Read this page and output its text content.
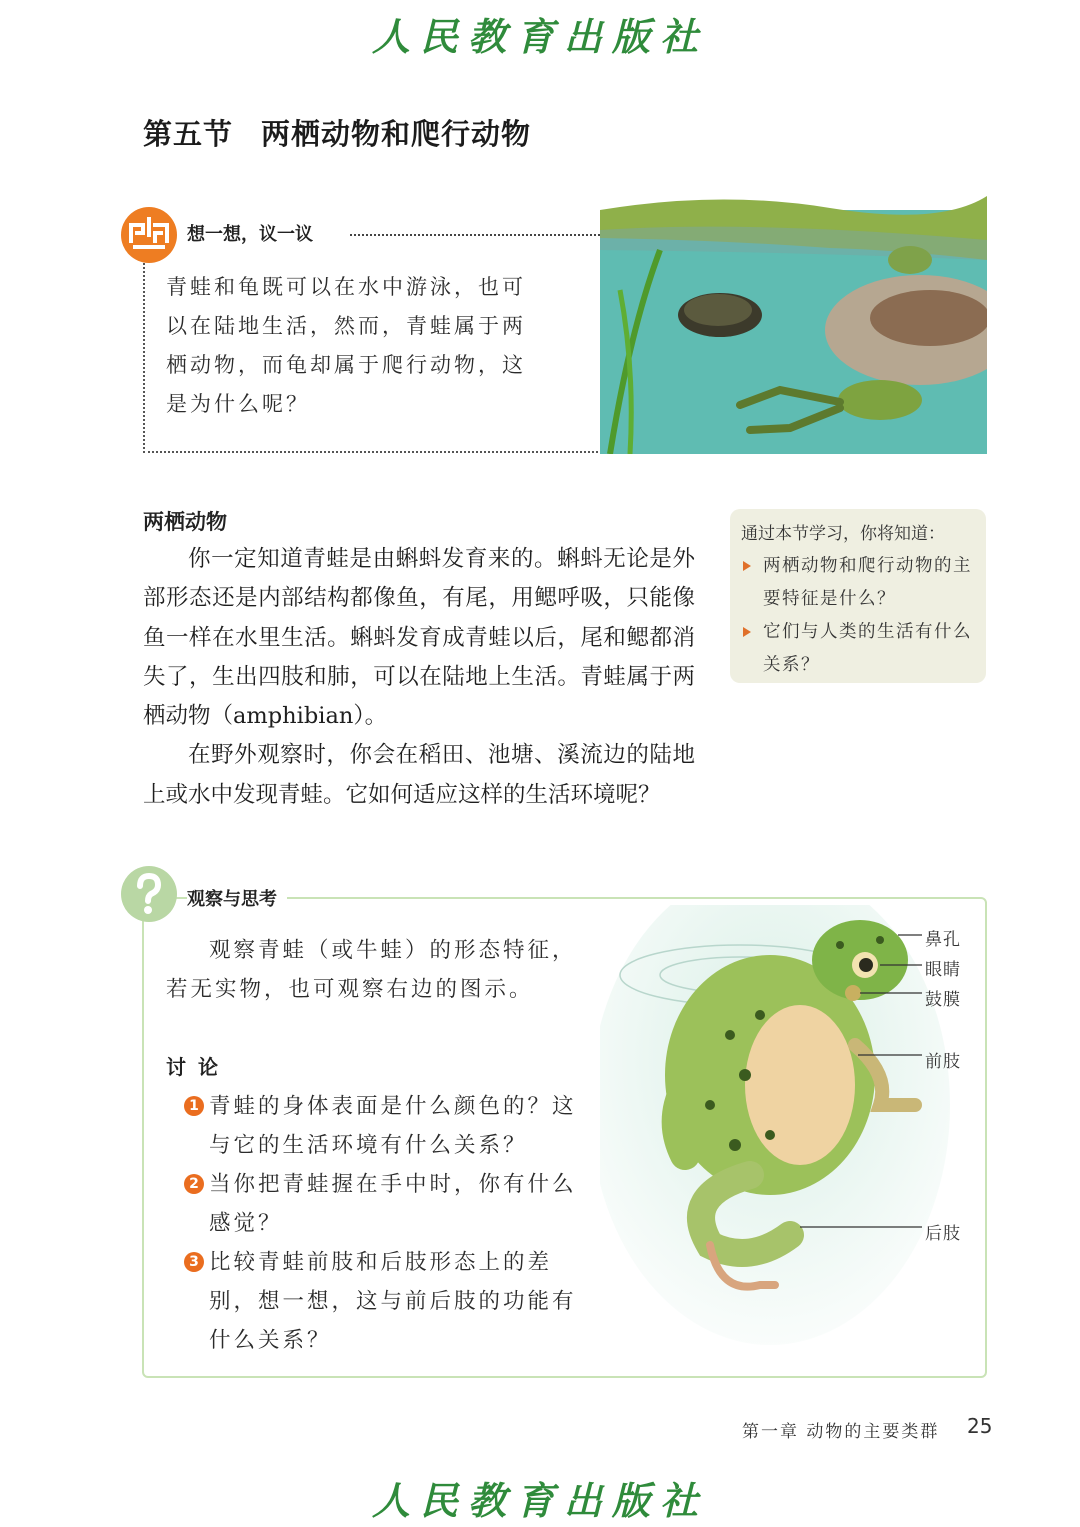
人民教育出版社
第五节 两栖动物和爬行动物
想一想，议一议
青蛙和龟既可以在水中游泳，也可以在陆地生活，然而，青蛙属于两栖动物，而龟却属于爬行动物，这是为什么呢？
两栖动物

你一定知道青蛙是由蝌蚪发育来的。蝌蚪无论是外部形态还是内部结构都像鱼，有尾，用鳃呼吸，只能像鱼一样在水里生活。蝌蚪发育成青蛙以后，尾和鳃都消失了，生出四肢和肺，可以在陆地上生活。青蛙属于两栖动物（amphibian）。

在野外观察时，你会在稻田、池塘、溪流边的陆地上或水中发现青蛙。它如何适应这样的生活环境呢？

通过本节学习，你将知道：
两栖动物和爬行动物的主要特征是什么？
它们与人类的生活有什么关系？
观察与思考

观察青蛙（或牛蛙）的形态特征，若无实物，也可观察右边的图示。

讨论
1 青蛙的身体表面是什么颜色的？这与它的生活环境有什么关系？
2 当你把青蛙握在手中时，你有什么感觉？
3 比较青蛙前肢和后肢形态上的差别，想一想，这与前后肢的功能有什么关系？
鼻孔
眼睛
鼓膜
前肢
后肢
第一章 动物的主要类群 25
人民教育出版社
